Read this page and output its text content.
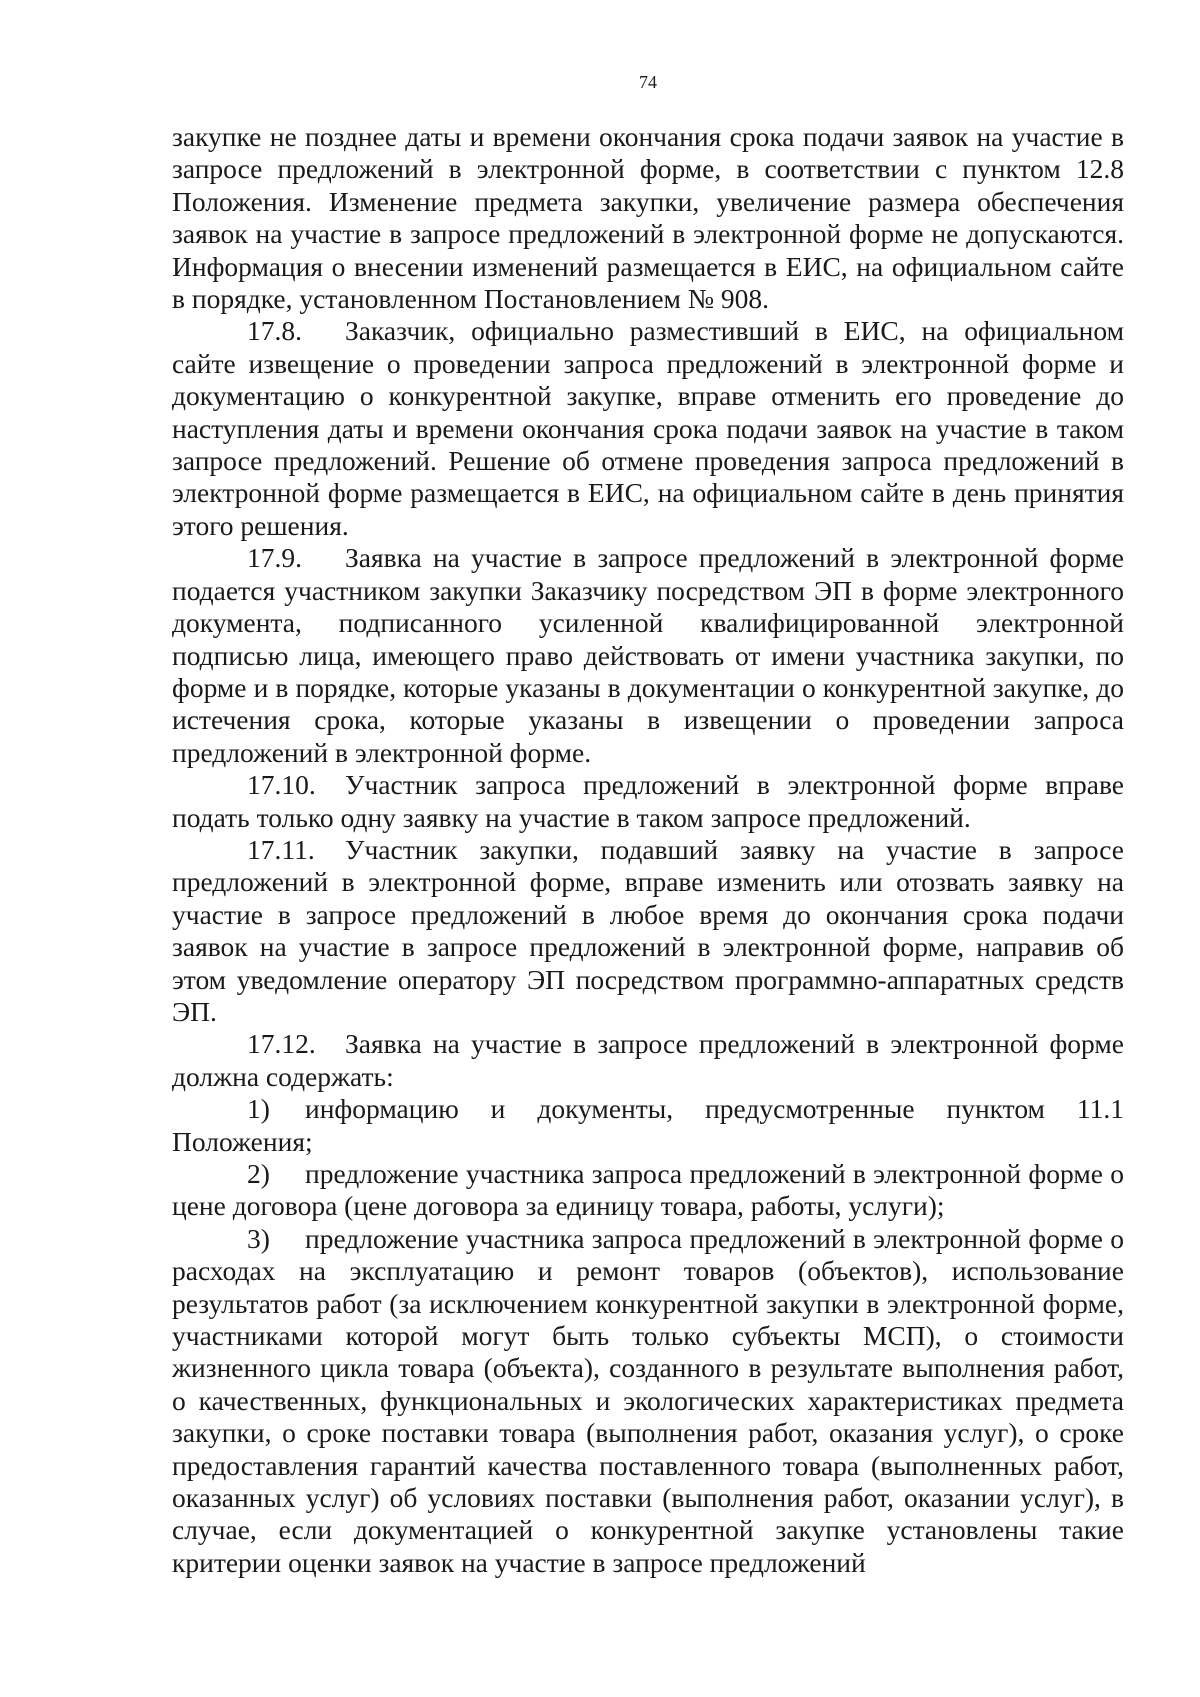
74

закупке не позднее даты и времени окончания срока подачи заявок на участие в запросе предложений в электронной форме, в соответствии с пунктом 12.8 Положения. Изменение предмета закупки, увеличение размера обеспечения заявок на участие в запросе предложений в электронной форме не допускаются. Информация о внесении изменений размещается в ЕИС, на официальном сайте в порядке, установленном Постановлением № 908.

17.8. Заказчик, официально разместивший в ЕИС, на официальном сайте извещение о проведении запроса предложений в электронной форме и документацию о конкурентной закупке, вправе отменить его проведение до наступления даты и времени окончания срока подачи заявок на участие в таком запросе предложений. Решение об отмене проведения запроса предложений в электронной форме размещается в ЕИС, на официальном сайте в день принятия этого решения.

17.9. Заявка на участие в запросе предложений в электронной форме подается участником закупки Заказчику посредством ЭП в форме электронного документа, подписанного усиленной квалифицированной электронной подписью лица, имеющего право действовать от имени участника закупки, по форме и в порядке, которые указаны в документации о конкурентной закупке, до истечения срока, которые указаны в извещении о проведении запроса предложений в электронной форме.

17.10. Участник запроса предложений в электронной форме вправе подать только одну заявку на участие в таком запросе предложений.

17.11. Участник закупки, подавший заявку на участие в запросе предложений в электронной форме, вправе изменить или отозвать заявку на участие в запросе предложений в любое время до окончания срока подачи заявок на участие в запросе предложений в электронной форме, направив об этом уведомление оператору ЭП посредством программно-аппаратных средств ЭП.

17.12. Заявка на участие в запросе предложений в электронной форме должна содержать:

1) информацию и документы, предусмотренные пунктом 11.1 Положения;

2) предложение участника запроса предложений в электронной форме о цене договора (цене договора за единицу товара, работы, услуги);

3) предложение участника запроса предложений в электронной форме о расходах на эксплуатацию и ремонт товаров (объектов), использование результатов работ (за исключением конкурентной закупки в электронной форме, участниками которой могут быть только субъекты МСП), о стоимости жизненного цикла товара (объекта), созданного в результате выполнения работ, о качественных, функциональных и экологических характеристиках предмета закупки, о сроке поставки товара (выполнения работ, оказания услуг), о сроке предоставления гарантий качества поставленного товара (выполненных работ, оказанных услуг) об условиях поставки (выполнения работ, оказании услуг), в случае, если документацией о конкурентной закупке установлены такие критерии оценки заявок на участие в запросе предложений
